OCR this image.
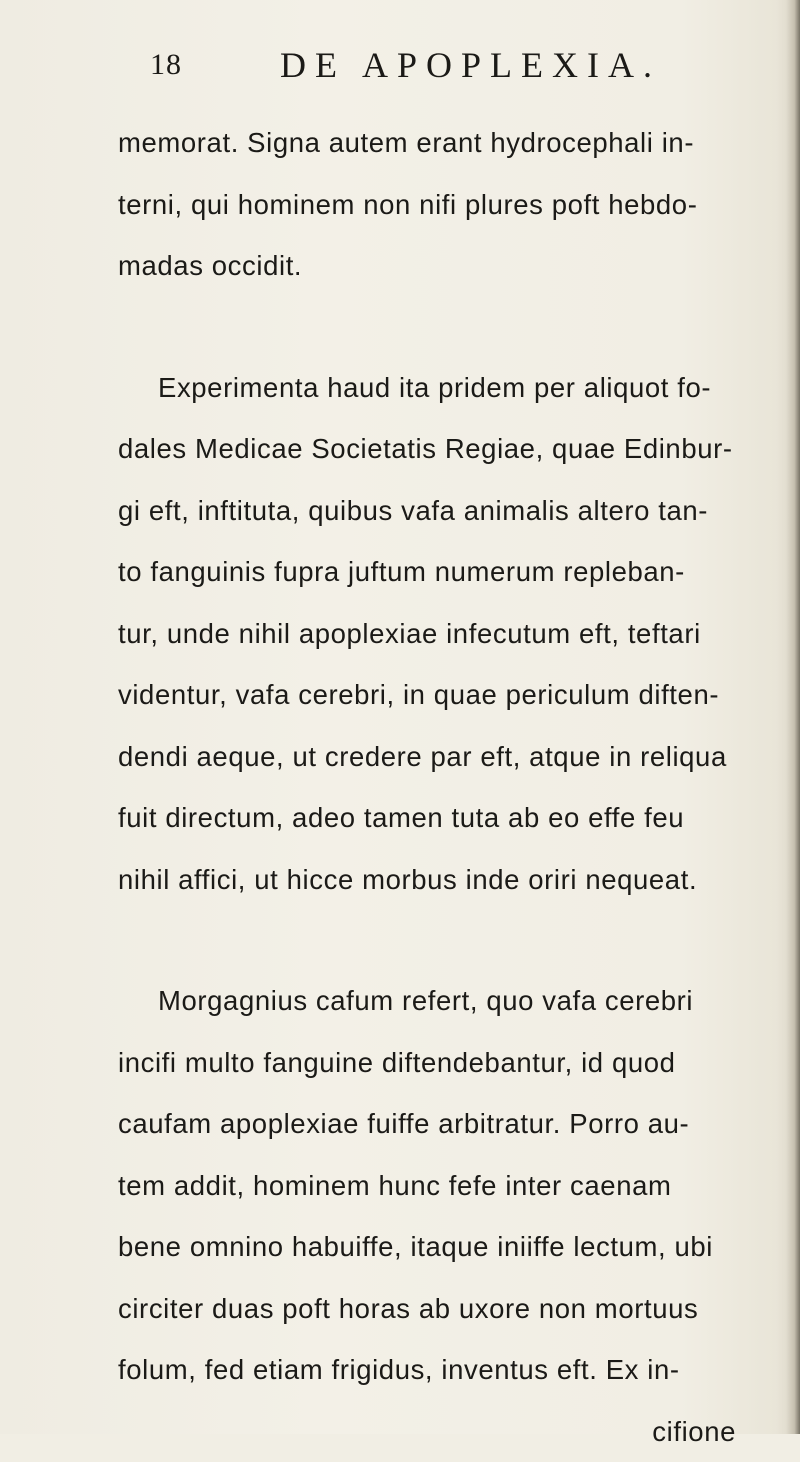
18	DE APOPLEXIA.

memorat. Signa autem erant hydrocephali in-
terni, qui hominem non nifi plures poft hebdo-
madas occidit.

Experimenta haud ita pridem per aliquot fo-
dales Medicae Societatis Regiae, quae Edinbur-
gi eft, inftituta, quibus vafa animalis altero tan-
to fanguinis fupra juftum numerum repleban-
tur, unde nihil apoplexiae infecutum eft, teftari
videntur, vafa cerebri, in quae periculum diften-
dendi aeque, ut credere par eft, atque in reliqua
fuit directum, adeo tamen tuta ab eo effe feu
nihil affici, ut hicce morbus inde oriri nequeat.

Morgagnius cafum refert, quo vafa cerebri
incifi multo fanguine diftendebantur, id quod
caufam apoplexiae fuiffe arbitratur. Porro au-
tem addit, hominem hunc fefe inter caenam
bene omnino habuiffe, itaque iniiffe lectum, ubi
circiter duas poft horas ab uxore non mortuus
folum, fed etiam frigidus, inventus eft. Ex in-

cifione
